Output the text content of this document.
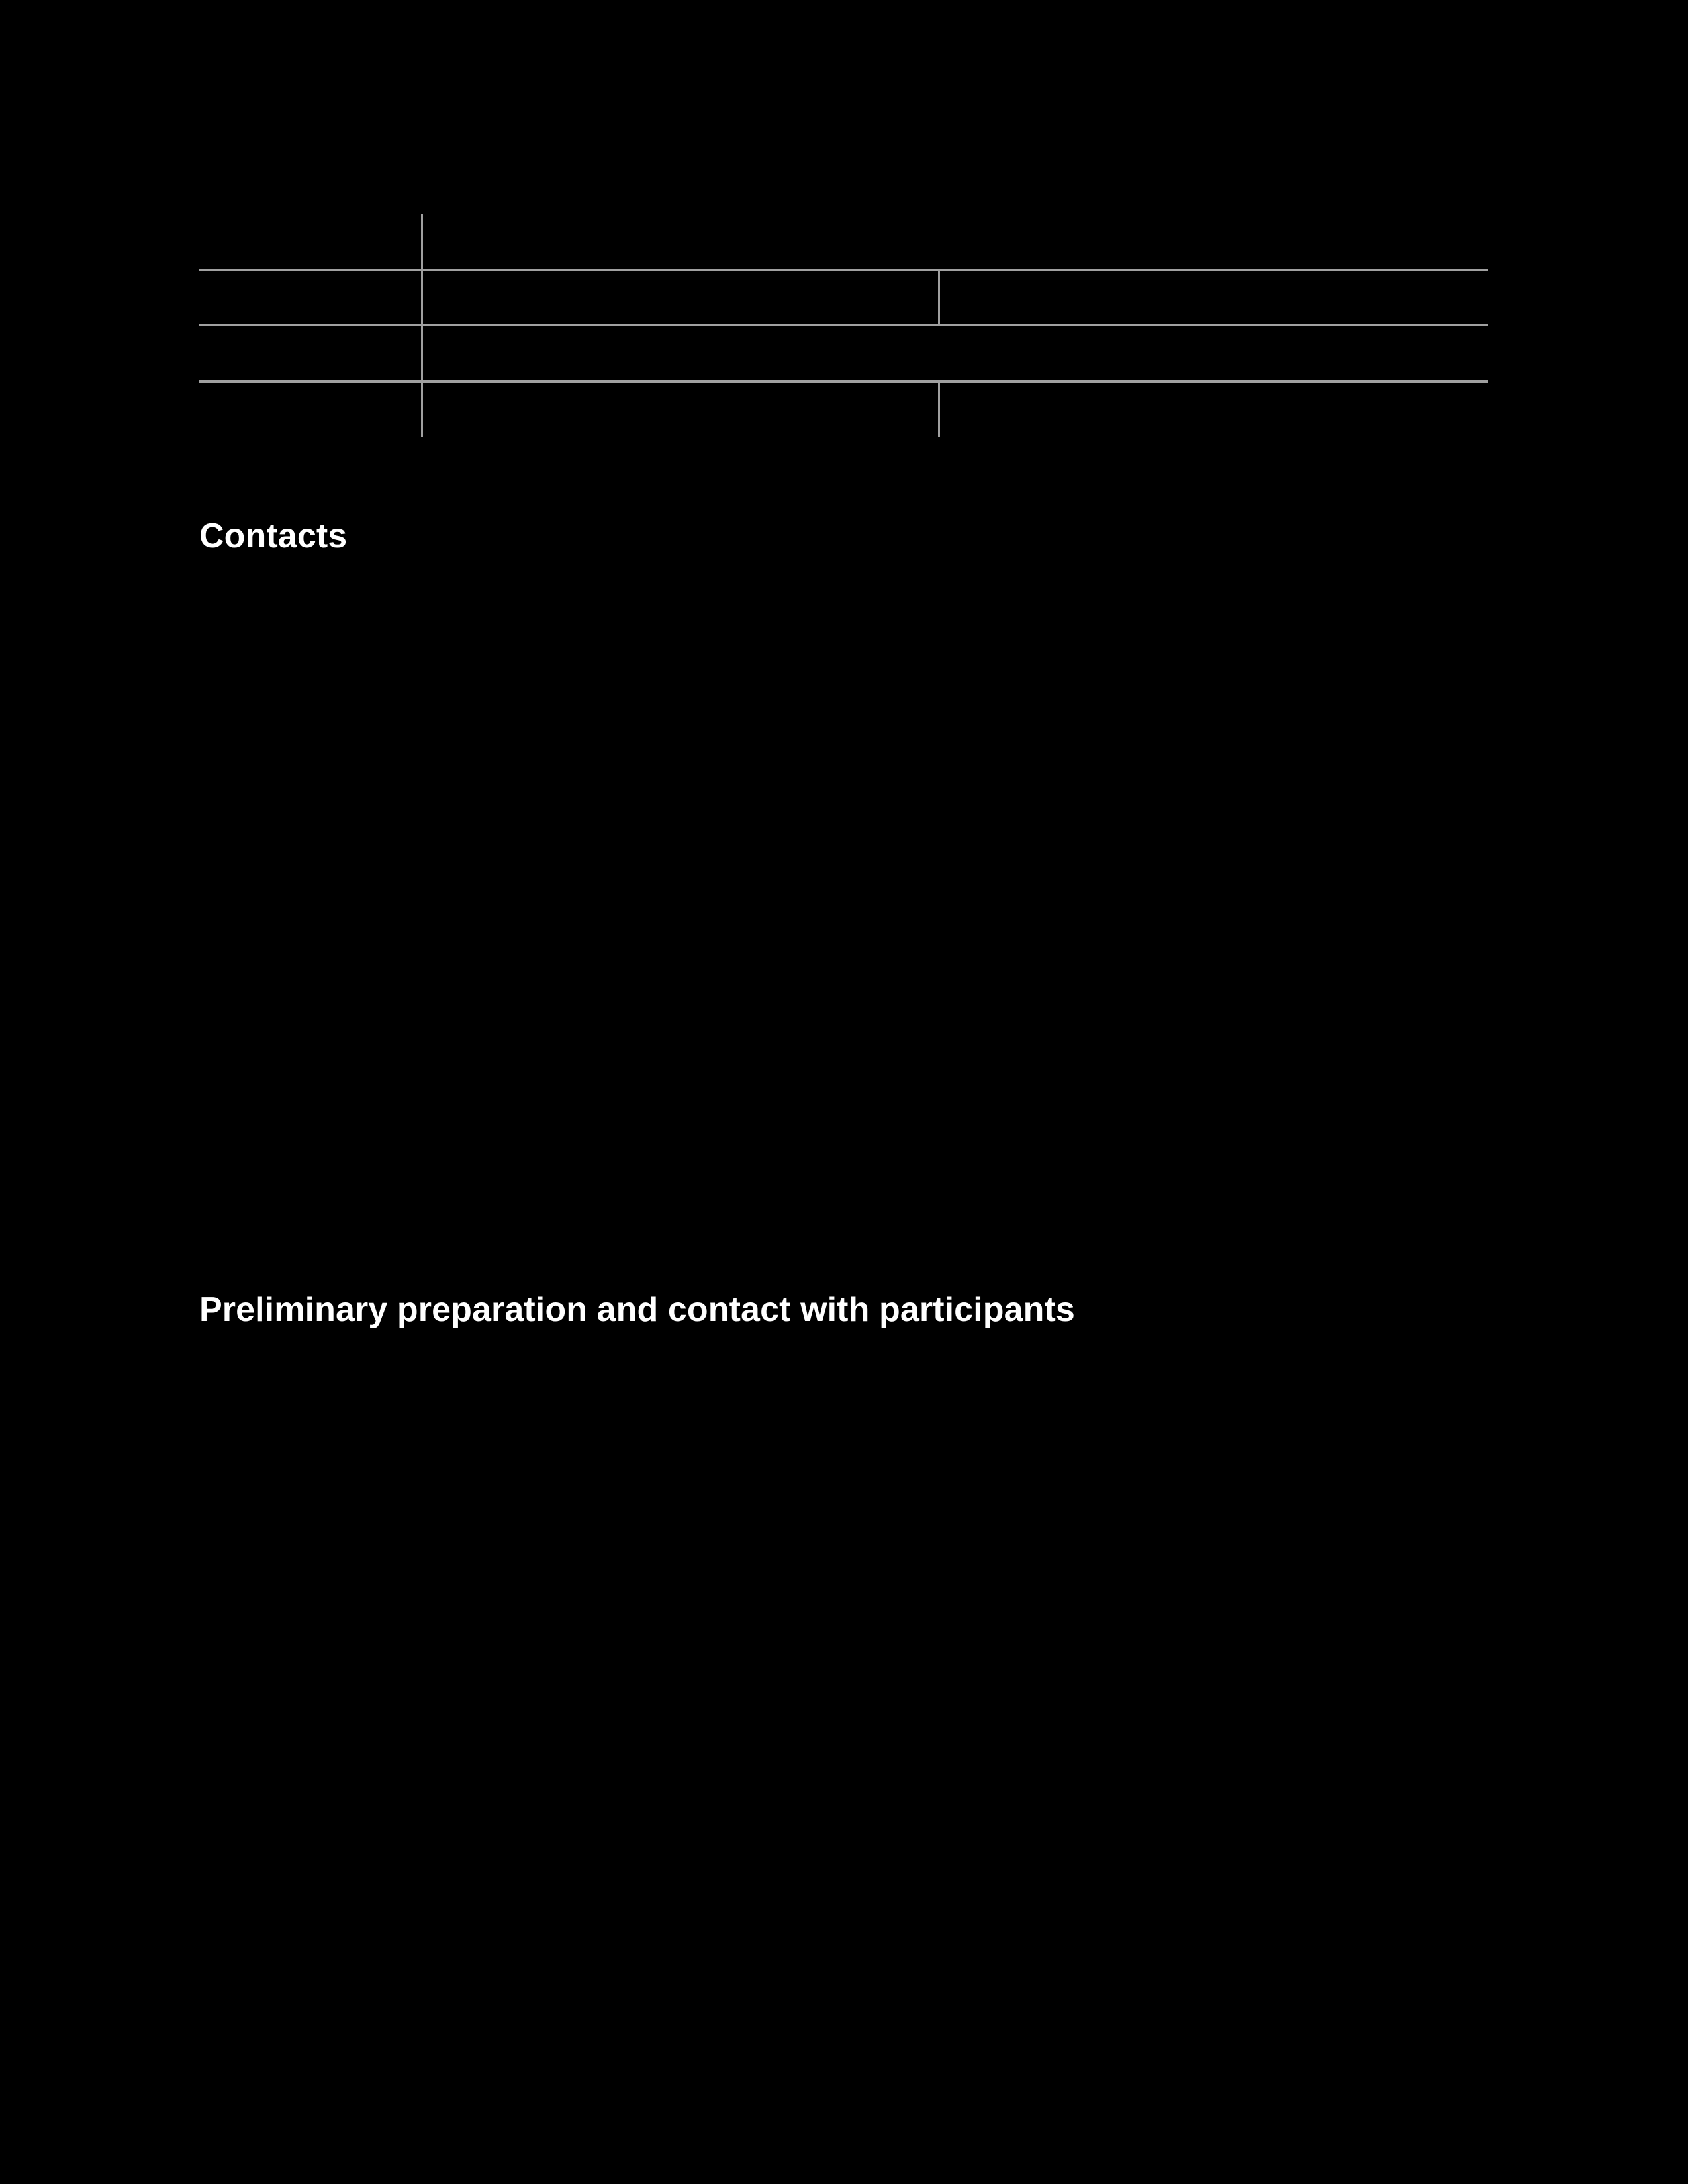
Contacts
Preliminary preparation and contact with participants
